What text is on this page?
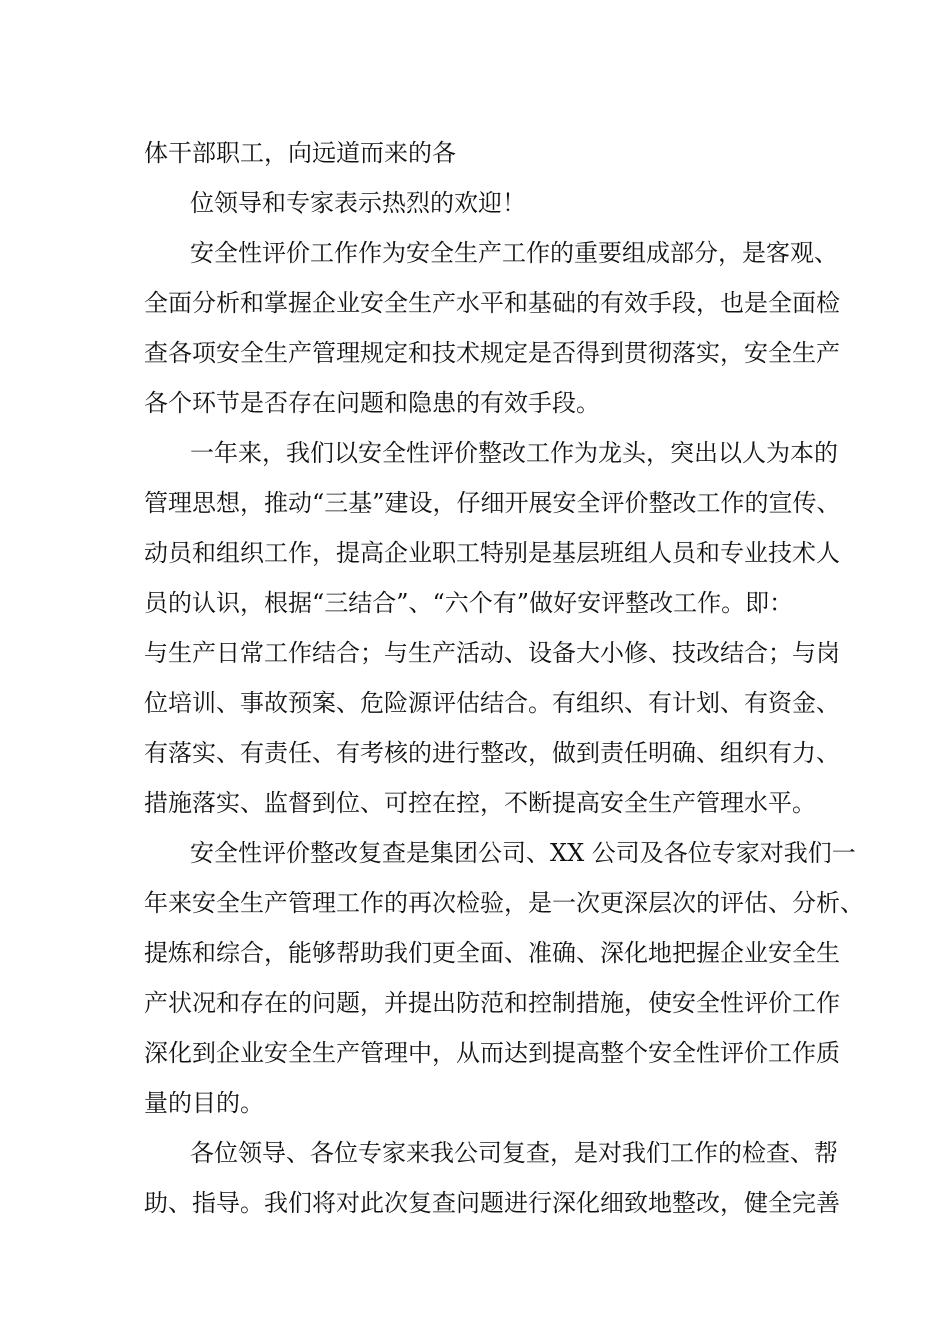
体干部职工，向远道而来的各
位领导和专家表示热烈的欢迎！
安全性评价工作作为安全生产工作的重要组成部分，是客观、
全面分析和掌握企业安全生产水平和基础的有效手段，也是全面检
查各项安全生产管理规定和技术规定是否得到贯彻落实，安全生产
各个环节是否存在问题和隐患的有效手段。
一年来，我们以安全性评价整改工作为龙头，突出以人为本的
管理思想，推动“三基”建设，仔细开展安全评价整改工作的宣传、
动员和组织工作，提高企业职工特别是基层班组人员和专业技术人
员的认识，根据“三结合”、“六个有”做好安评整改工作。即：
与生产日常工作结合；与生产活动、设备大小修、技改结合；与岗
位培训、事故预案、危险源评估结合。有组织、有计划、有资金、
有落实、有责任、有考核的进行整改，做到责任明确、组织有力、
措施落实、监督到位、可控在控，不断提高安全生产管理水平。
安全性评价整改复查是集团公司、XX 公司及各位专家对我们一
年来安全生产管理工作的再次检验，是一次更深层次的评估、分析、
提炼和综合，能够帮助我们更全面、准确、深化地把握企业安全生
产状况和存在的问题，并提出防范和控制措施，使安全性评价工作
深化到企业安全生产管理中，从而达到提高整个安全性评价工作质
量的目的。
各位领导、各位专家来我公司复查，是对我们工作的检查、帮
助、指导。我们将对此次复查问题进行深化细致地整改，健全完善
